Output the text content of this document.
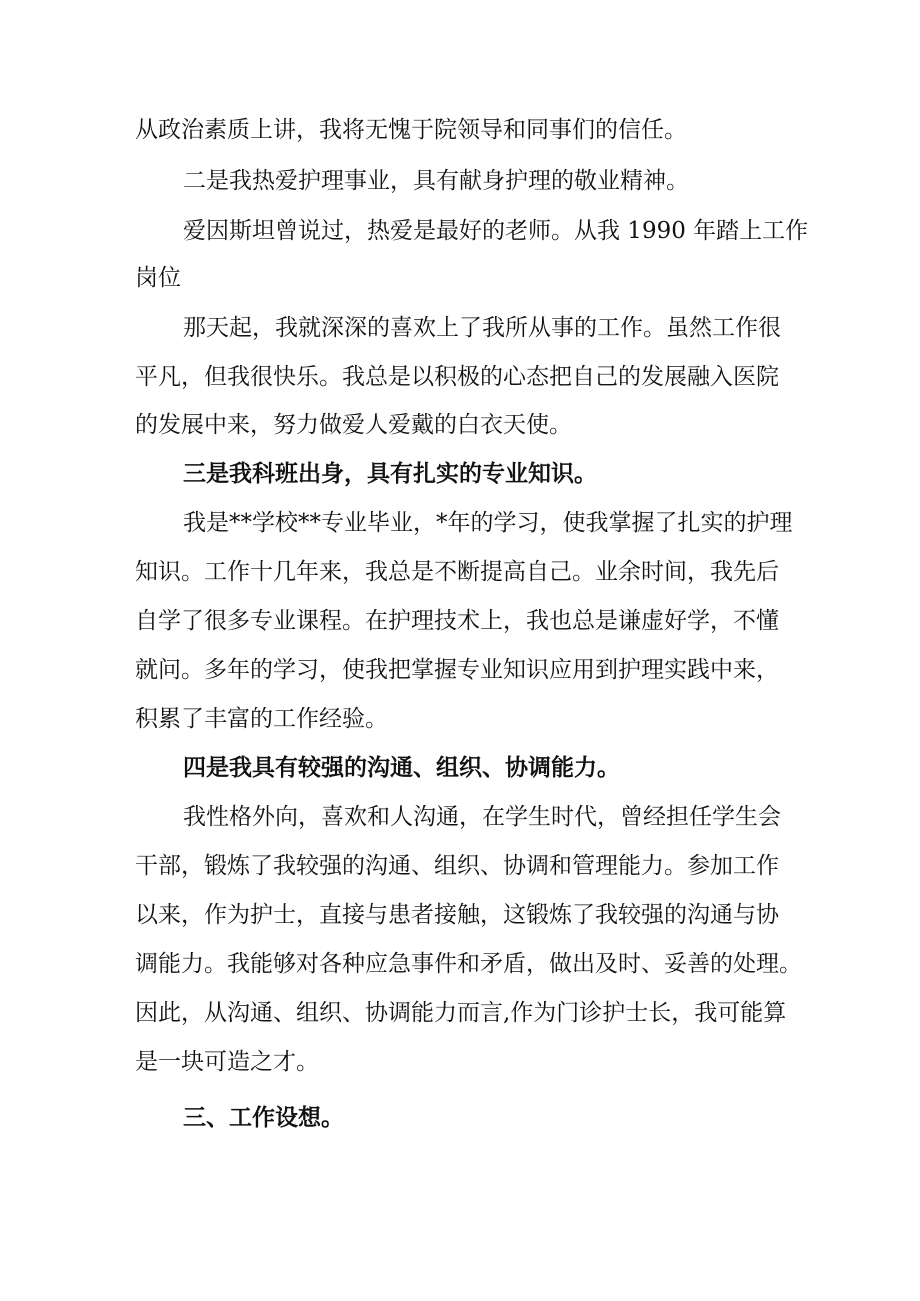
从政治素质上讲，我将无愧于院领导和同事们的信任。
二是我热爱护理事业，具有献身护理的敬业精神。
爱因斯坦曾说过，热爱是最好的老师。从我 1990 年踏上工作
岗位
那天起，我就深深的喜欢上了我所从事的工作。虽然工作很
平凡，但我很快乐。我总是以积极的心态把自己的发展融入医院
的发展中来，努力做爱人爱戴的白衣天使。
三是我科班出身，具有扎实的专业知识。
我是**学校**专业毕业，*年的学习，使我掌握了扎实的护理
知识。工作十几年来，我总是不断提高自己。业余时间，我先后
自学了很多专业课程。在护理技术上，我也总是谦虚好学，不懂
就问。多年的学习，使我把掌握专业知识应用到护理实践中来，
积累了丰富的工作经验。
四是我具有较强的沟通、组织、协调能力。
我性格外向，喜欢和人沟通，在学生时代，曾经担任学生会
干部，锻炼了我较强的沟通、组织、协调和管理能力。参加工作
以来，作为护士，直接与患者接触，这锻炼了我较强的沟通与协
调能力。我能够对各种应急事件和矛盾，做出及时、妥善的处理。
因此，从沟通、组织、协调能力而言,作为门诊护士长，我可能算
是一块可造之才。
三、工作设想。
